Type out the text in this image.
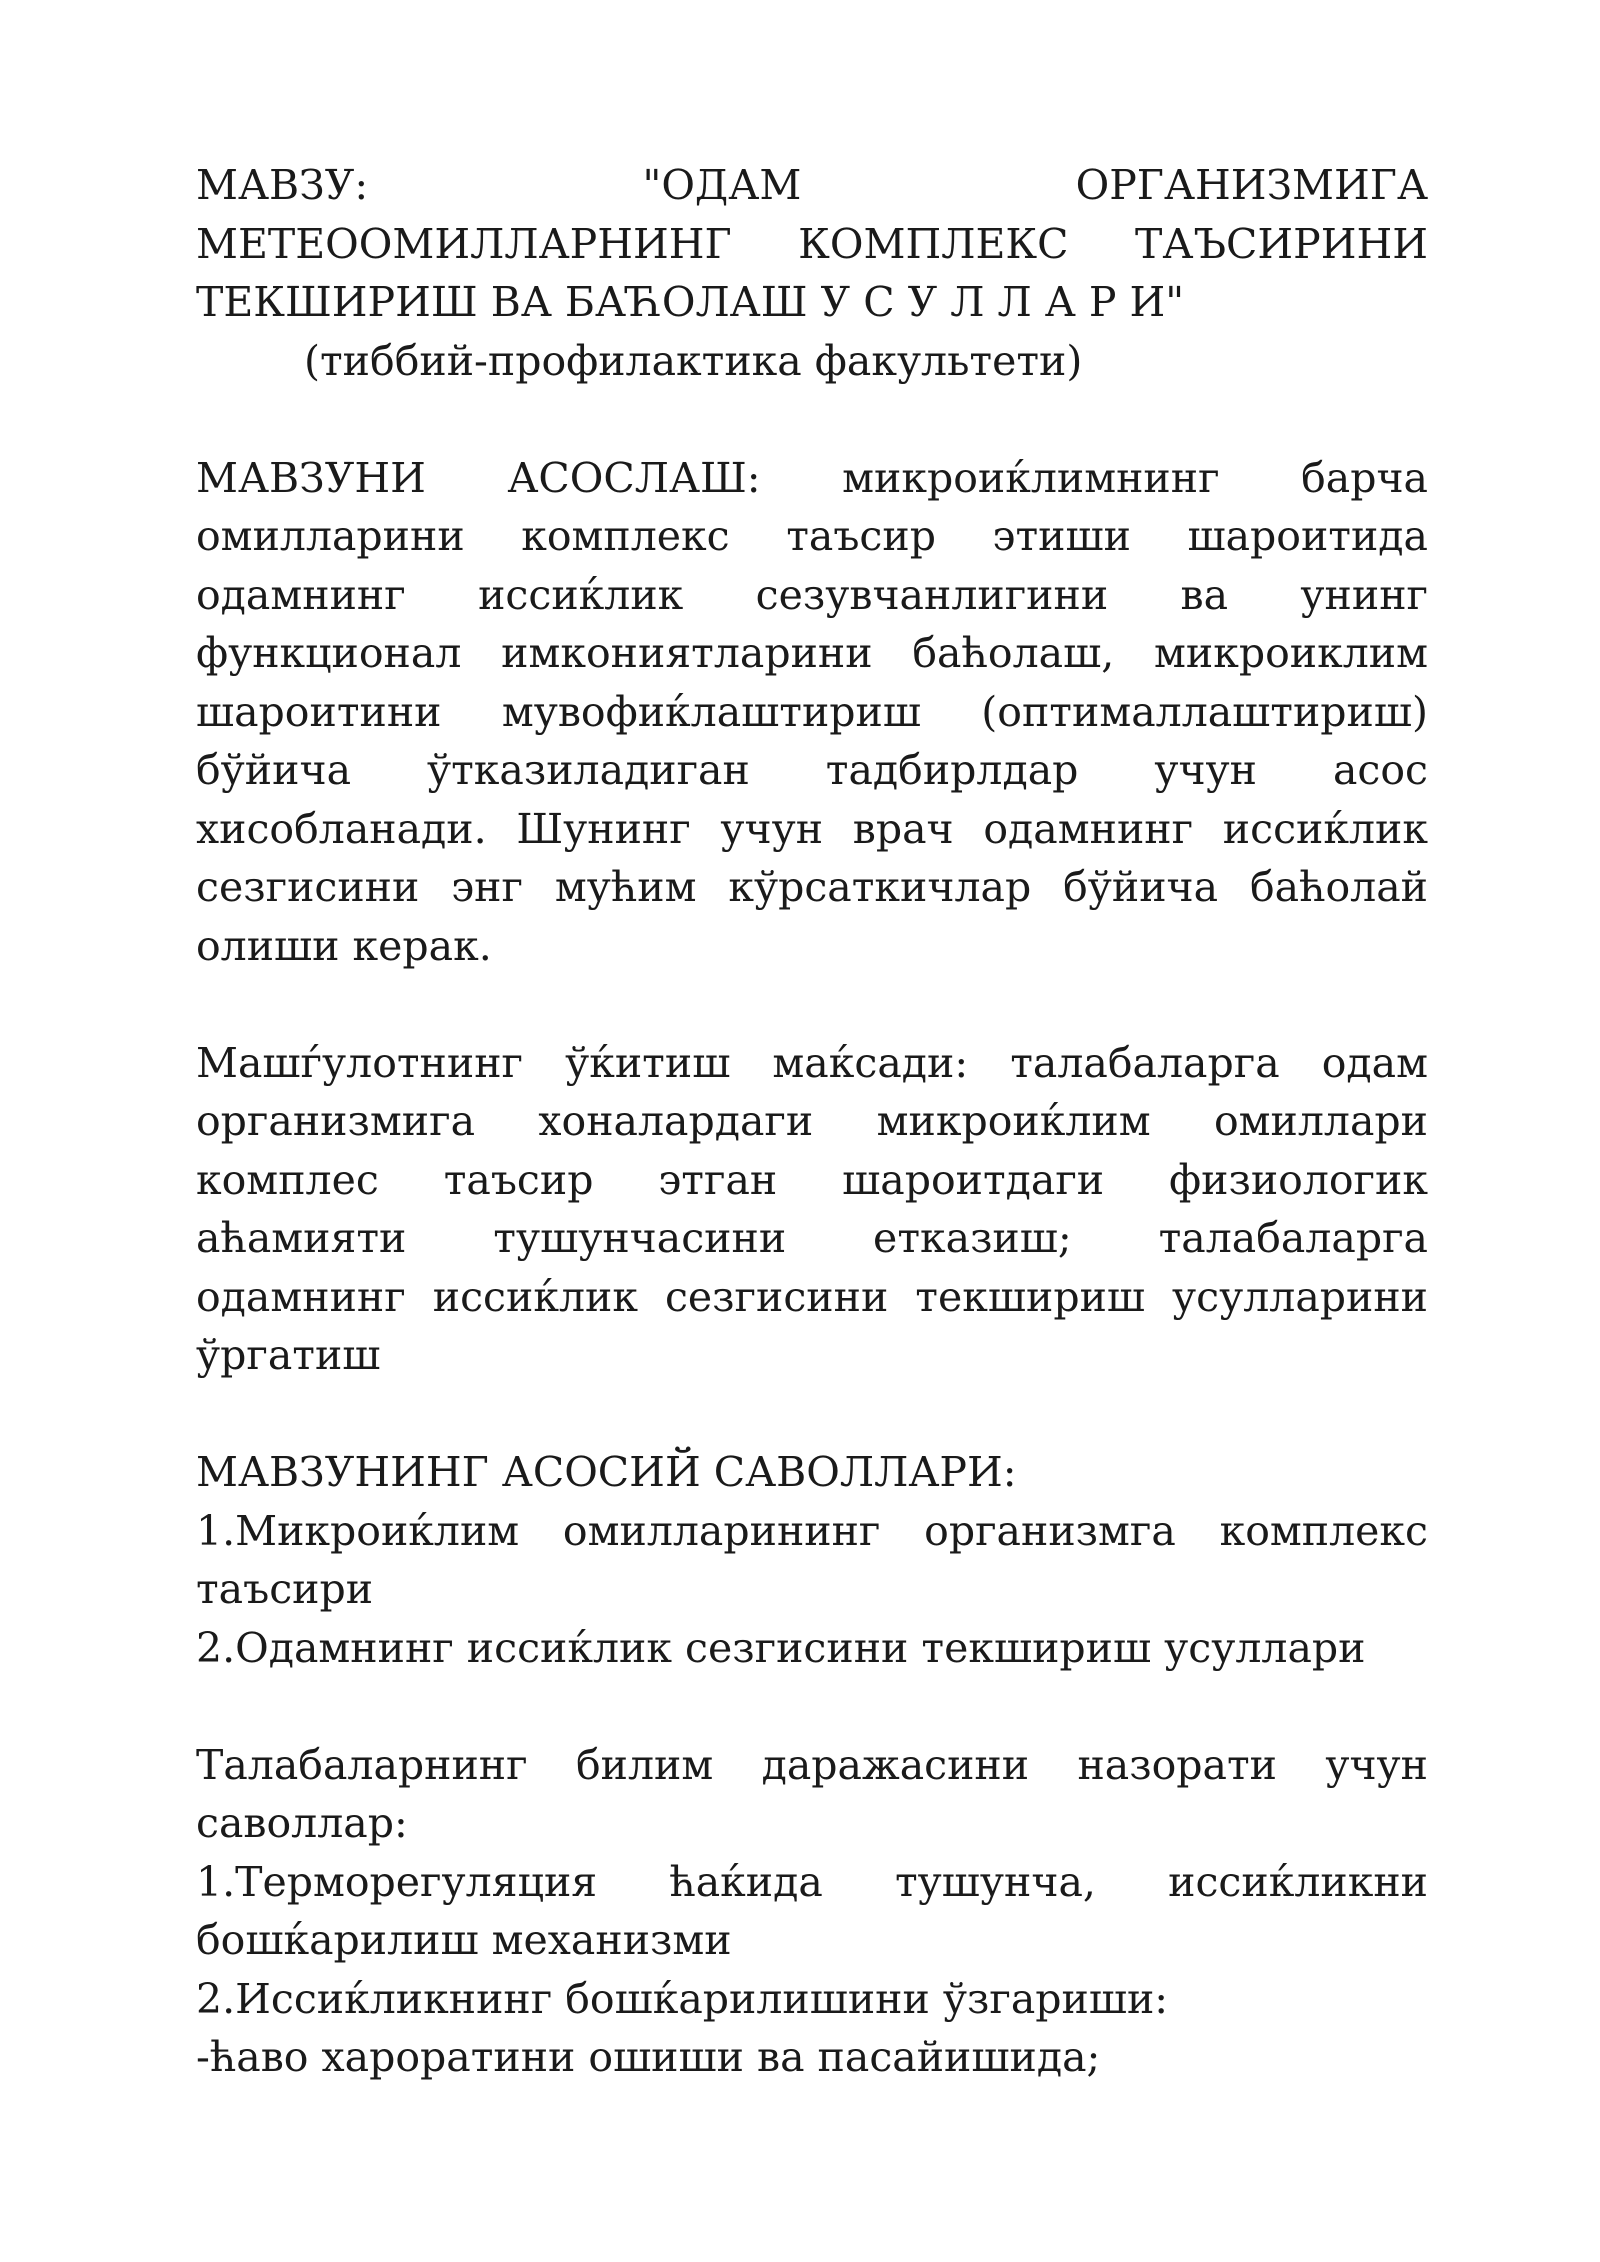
МАВЗУ: "ОДАМ ОРГАНИЗМИГА МЕТЕООМИЛЛАРНИНГ КОМПЛЕКС ТАЪСИРИНИ ТЕКШИРИШ ВА БАЋОЛАШ У С У Л Л А Р И"

(тиббий-профилактика факультети)

МАВЗУНИ АСОСЛАШ: микроиќлимнинг барча омилларини комплекс таъсир этиши шароитида одамнинг иссиќлик сезувчанлигини ва унинг функционал имкониятларини баћолаш, микроиклим шароитини мувофиќлаштириш (оптималлаштириш) бўйича ўтказиладиган тадбирлдар учун асос хисобланади. Шунинг учун врач одамнинг иссиќлик сезгисини энг мућим кўрсаткичлар бўйича баћолай олиши керак.

Машѓулотнинг ўќитиш маќсади: талабаларга одам организмига хоналардаги микроиќлим омиллари комплес таъсир этган шароитдаги физиологик аћамияти тушунчасини етказиш; талабаларга одамнинг иссиќлик сезгисини текшириш усулларини ўргатиш

МАВЗУНИНГ АСОСИЙ САВОЛЛАРИ:

1.Микроиќлим омилларининг организмга комплекс таъсири

2.Одамнинг иссиќлик сезгисини текшириш усуллари

Талабаларнинг билим даражасини назорати учун саволлар:

1.Терморегуляция ћаќида тушунча, иссиќликни бошќарилиш механизми

2.Иссиќликнинг бошќарилишини ўзгариши:

-ћаво хароратини ошиши ва пасайишида;
